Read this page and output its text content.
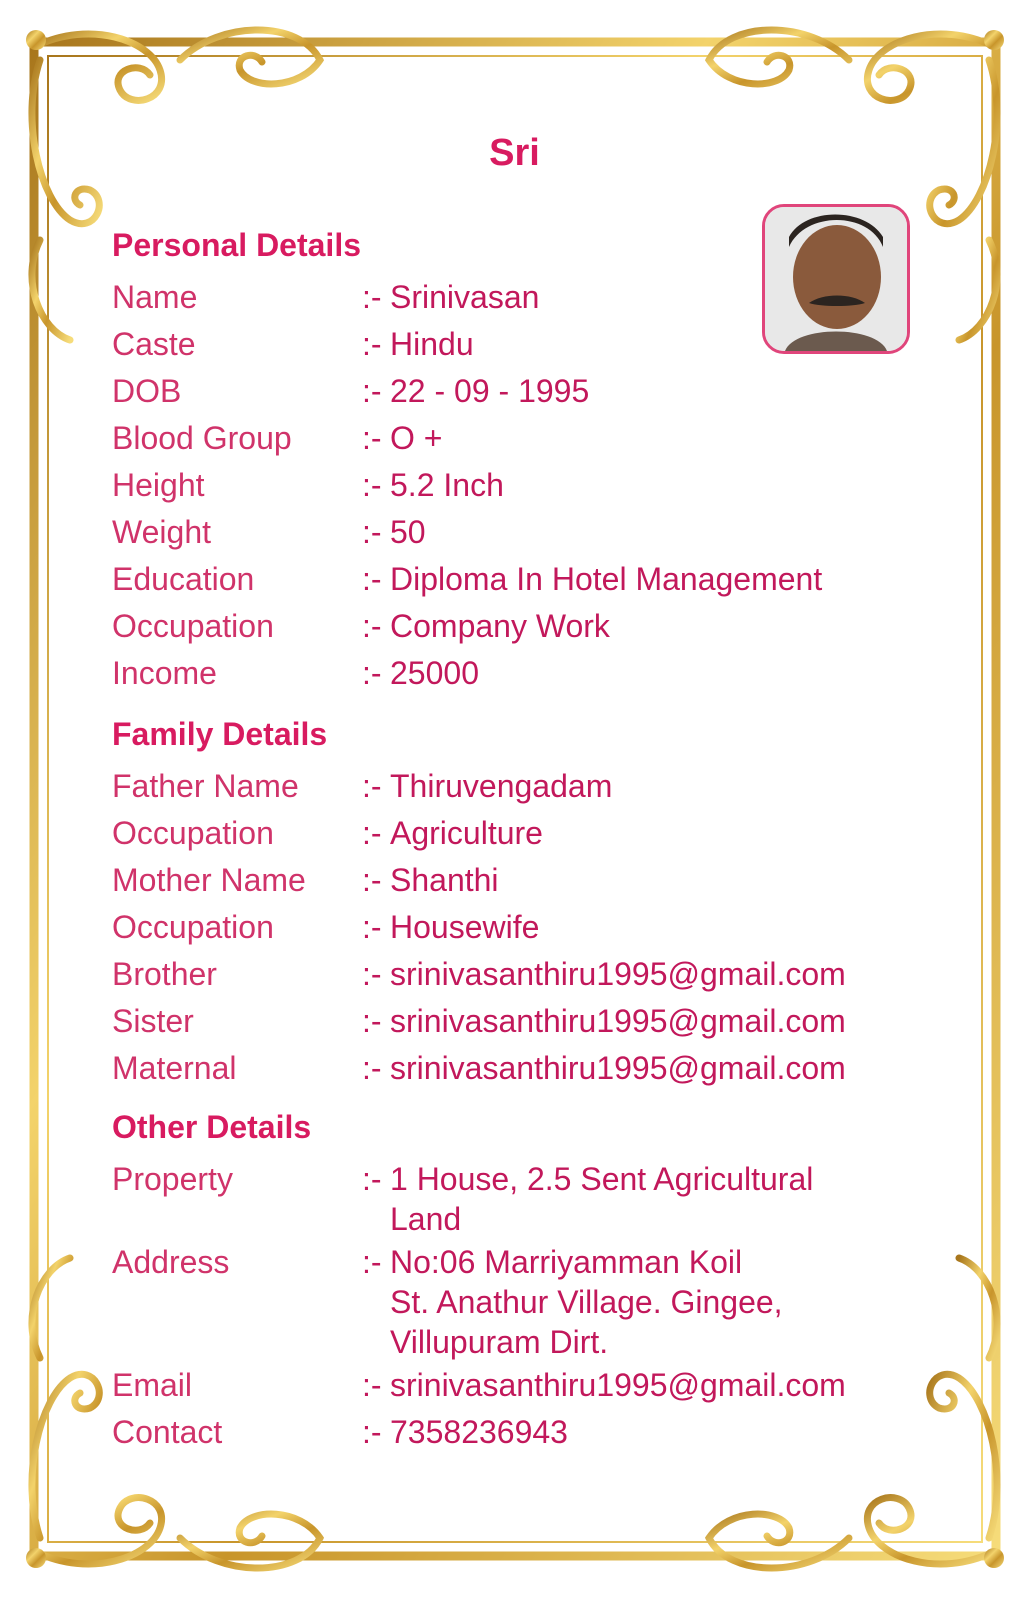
Sri
Personal Details
Name	:- Srinivasan
Caste	:- Hindu
DOB	:- 22 - 09 - 1995
Blood Group	:- O +
Height	:- 5.2 Inch
Weight	:- 50
Education	:- Diploma In Hotel Management
Occupation	:- Company Work
Income	:- 25000
Family Details
Father Name	:- Thiruvengadam
Occupation	:- Agriculture
Mother Name	:- Shanthi
Occupation	:- Housewife
Brother	:- srinivasanthiru1995@gmail.com
Sister	:- srinivasanthiru1995@gmail.com
Maternal	:- srinivasanthiru1995@gmail.com
Other Details
Property	:- 1 House, 2.5 Sent Agricultural
Land
Address	:- No:06 Marriyamman Koil
St. Anathur Village. Gingee,
Villupuram Dirt.
Email	:- srinivasanthiru1995@gmail.com
Contact	:- 7358236943
